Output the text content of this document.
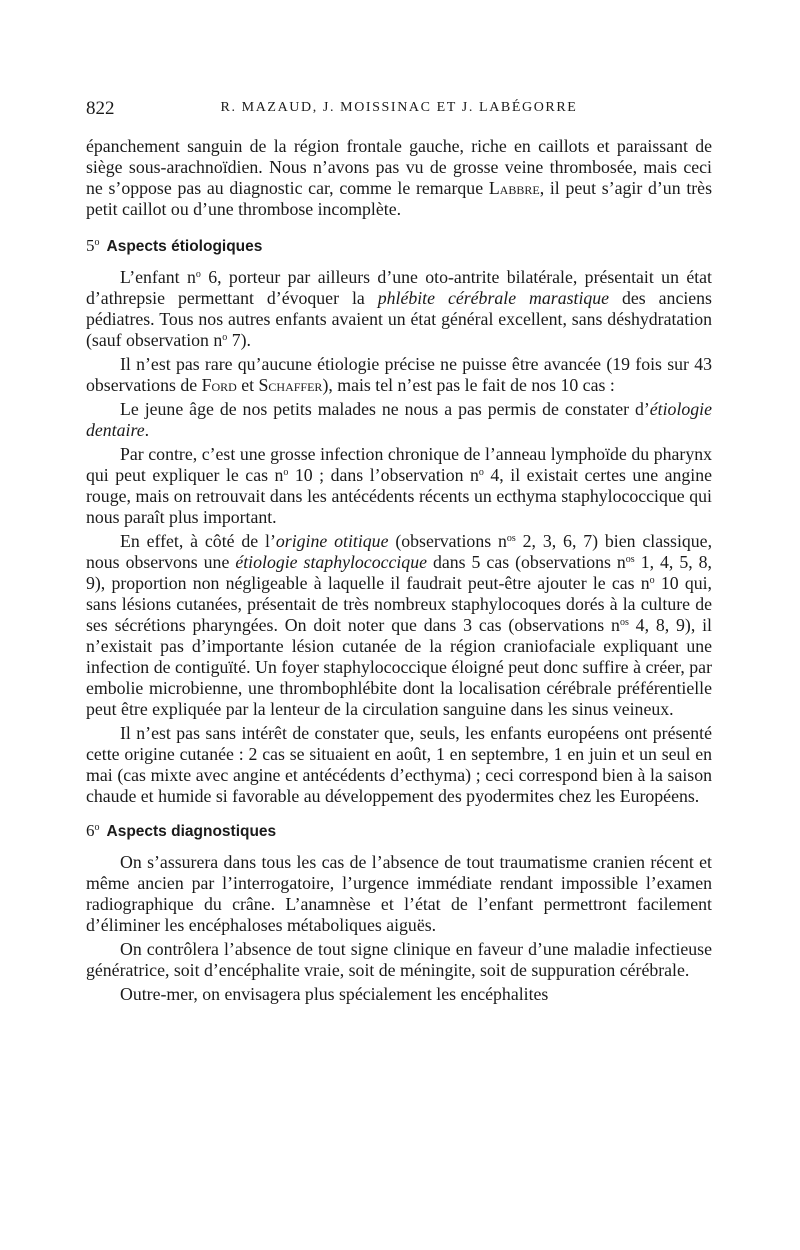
822	R. MAZAUD, J. MOISSINAC ET J. LABÉGORRE

épanchement sanguin de la région frontale gauche, riche en caillots et paraissant de siège sous-arachnoïdien. Nous n’avons pas vu de grosse veine thrombosée, mais ceci ne s’oppose pas au diagnostic car, comme le remarque Labbre, il peut s’agir d’un très petit caillot ou d’une thrombose incomplète.

5$^o$ Aspects étiologiques

L’enfant $n^o$ 6, porteur par ailleurs d’une oto-antrite bilatérale, présentait un état d’athrepsie permettant d’évoquer la phlébite cérébrale marastique des anciens pédiatres. Tous nos autres enfants avaient un état général excellent, sans déshydratation (sauf observation $n^o$ 7).

Il n’est pas rare qu’aucune étiologie précise ne puisse être avancée (19 fois sur 43 observations de Ford et Schaffer), mais tel n’est pas le fait de nos 10 cas :

Le jeune âge de nos petits malades ne nous a pas permis de constater d’étiologie dentaire.

Par contre, c’est une grosse infection chronique de l’anneau lymphoïde du pharynx qui peut expliquer le cas $n^o$ 10 ; dans l’observation $n^o$ 4, il existait certes une angine rouge, mais on retrouvait dans les antécédents récents un ecthyma staphylococcique qui nous paraît plus important.

En effet, à côté de l’origine otitique (observations $n^{os}$ 2, 3, 6, 7) bien classique, nous observons une étiologie staphylococcique dans 5 cas (observations $n^{os}$ 1, 4, 5, 8, 9), proportion non négligeable à laquelle il faudrait peut-être ajouter le cas $n^o$ 10 qui, sans lésions cutanées, présentait de très nombreux staphylocoques dorés à la culture de ses sécrétions pharyngées. On doit noter que dans 3 cas (observations $n^{os}$ 4, 8, 9), il n’existait pas d’importante lésion cutanée de la région craniofaciale expliquant une infection de contiguïté. Un foyer staphylococcique éloigné peut donc suffire à créer, par embolie microbienne, une thrombophlébite dont la localisation cérébrale préférentielle peut être expliquée par la lenteur de la circulation sanguine dans les sinus veineux.

Il n’est pas sans intérêt de constater que, seuls, les enfants européens ont présenté cette origine cutanée : 2 cas se situaient en août, 1 en septembre, 1 en juin et un seul en mai (cas mixte avec angine et antécédents d’ecthyma) ; ceci correspond bien à la saison chaude et humide si favorable au développement des pyodermites chez les Européens.

6$^o$ Aspects diagnostiques

On s’assurera dans tous les cas de l’absence de tout traumatisme cranien récent et même ancien par l’interrogatoire, l’urgence immédiate rendant impossible l’examen radiographique du crâne. L’anamnèse et l’état de l’enfant permettront facilement d’éliminer les encéphaloses métaboliques aiguës.

On contrôlera l’absence de tout signe clinique en faveur d’une maladie infectieuse génératrice, soit d’encéphalite vraie, soit de méningite, soit de suppuration cérébrale.

Outre-mer, on envisagera plus spécialement les encéphalites
